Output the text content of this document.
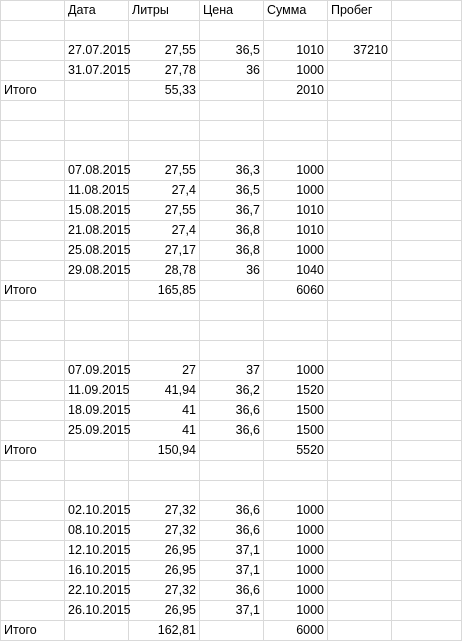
	Дата	Литры	Цена	Сумма	Пробег	

	27.07.2015	27,55	36,5	1010	37210	
	31.07.2015	27,78	36	1000		
Итого		55,33		2010		

	07.08.2015	27,55	36,3	1000		
	11.08.2015	27,4	36,5	1000		
	15.08.2015	27,55	36,7	1010		
	21.08.2015	27,4	36,8	1010		
	25.08.2015	27,17	36,8	1000		
	29.08.2015	28,78	36	1040		
Итого		165,85		6060		

	07.09.2015	27	37	1000		
	11.09.2015	41,94	36,2	1520		
	18.09.2015	41	36,6	1500		
	25.09.2015	41	36,6	1500		
Итого		150,94		5520		

	02.10.2015	27,32	36,6	1000		
	08.10.2015	27,32	36,6	1000		
	12.10.2015	26,95	37,1	1000		
	16.10.2015	26,95	37,1	1000		
	22.10.2015	27,32	36,6	1000		
	26.10.2015	26,95	37,1	1000		
Итого		162,81		6000		
